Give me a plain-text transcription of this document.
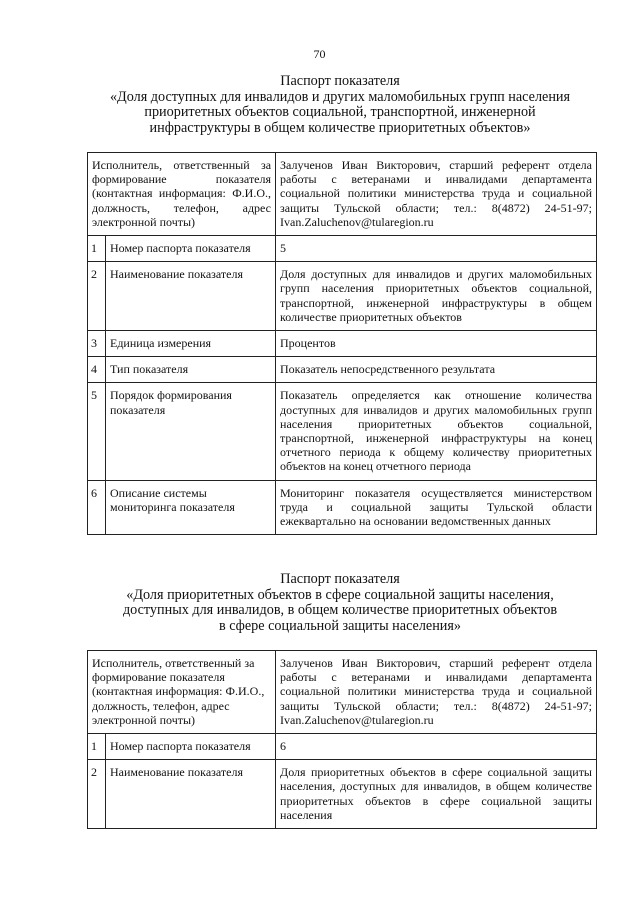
70
Паспорт показателя
«Доля доступных для инвалидов и других маломобильных групп населения
приоритетных объектов социальной, транспортной, инженерной
инфраструктуры в общем количестве приоритетных объектов»
Исполнитель, ответственный за формирование показателя (контактная информация: Ф.И.О., должность, телефон, адрес электронной почты)		Залученов Иван Викторович, старший референт отдела работы с ветеранами и инвалидами департамента социальной политики министерства труда и социальной защиты Тульской области; тел.: 8(4872) 24-51-97; Ivan.Zaluchenov@tularegion.ru
1	Номер паспорта показателя	5
2	Наименование показателя	Доля доступных для инвалидов и других маломобильных групп населения приоритетных объектов социальной, транспортной, инженерной инфраструктуры в общем количестве приоритетных объектов
3	Единица измерения	Процентов
4	Тип показателя	Показатель непосредственного результата
5	Порядок формирования показателя	Показатель определяется как отношение количества доступных для инвалидов и других маломобильных групп населения приоритетных объектов социальной, транспортной, инженерной инфраструктуры на конец отчетного периода к общему количеству приоритетных объектов на конец отчетного периода
6	Описание системы мониторинга показателя	Мониторинг показателя осуществляется министерством труда и социальной защиты Тульской области ежеквартально на основании ведомственных данных
Паспорт показателя
«Доля приоритетных объектов в сфере социальной защиты населения,
доступных для инвалидов, в общем количестве приоритетных объектов
в сфере социальной защиты населения»
Исполнитель, ответственный за формирование показателя (контактная информация: Ф.И.О., должность, телефон, адрес электронной почты)		Залученов Иван Викторович, старший референт отдела работы с ветеранами и инвалидами департамента социальной политики министерства труда и социальной защиты Тульской области; тел.: 8(4872) 24-51-97; Ivan.Zaluchenov@tularegion.ru
1	Номер паспорта показателя	6
2	Наименование показателя	Доля приоритетных объектов в сфере социальной защиты населения, доступных для инвалидов, в общем количестве приоритетных объектов в сфере социальной защиты населения
